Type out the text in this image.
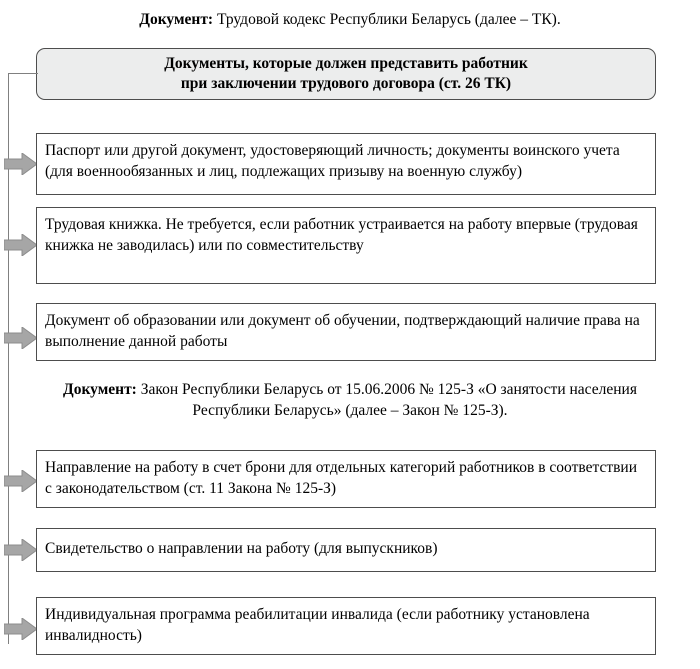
Документ: Трудовой кодекс Республики Беларусь (далее – ТК).
Документы, которые должен представить работник
при заключении трудового договора (ст. 26 ТК)
Паспорт или другой документ, удостоверяющий личность; документы воинского учета (для военнообязанных и лиц, подлежащих призыву на военную службу)
Трудовая книжка. Не требуется, если работник устраивается на работу впервые (трудовая книжка не заводилась) или по совместительству
Документ об образовании или документ об обучении, подтверждающий наличие права на выполнение данной работы
Документ: Закон Республики Беларусь от 15.06.2006 № 125-З «О занятости населения Республики Беларусь» (далее – Закон № 125-З).
Направление на работу в счет брони для отдельных категорий работников в соответствии с законодательством (ст. 11 Закона № 125-З)
Свидетельство о направлении на работу (для выпускников)
Индивидуальная программа реабилитации инвалида (если работнику установлена инвалидность)
